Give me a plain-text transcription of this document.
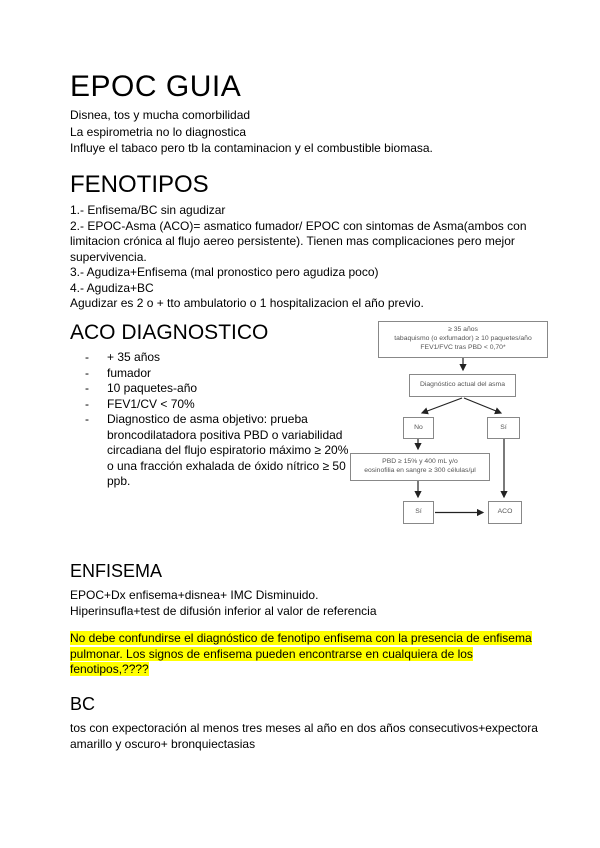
EPOC GUIA
Disnea, tos y mucha comorbilidad
La espirometria no lo diagnostica
Influye el tabaco pero tb la contaminacion y el combustible biomasa.
FENOTIPOS
1.- Enfisema/BC sin agudizar
2.- EPOC-Asma (ACO)= asmatico fumador/ EPOC con sintomas de Asma(ambos con limitacion crónica al flujo aereo persistente). Tienen mas complicaciones pero mejor supervivencia.
3.- Agudiza+Enfisema (mal pronostico pero agudiza poco)
4.- Agudiza+BC
Agudizar es 2 o + tto ambulatorio o 1 hospitalizacion el año previo.
ACO DIAGNOSTICO
- + 35 años
- fumador
- 10 paquetes-año
- FEV1/CV < 70%
- Diagnostico de asma objetivo: prueba broncodilatadora positiva PBD o variabilidad circadiana del flujo espiratorio máximo ≥ 20% o una fracción exhalada de óxido nítrico ≥ 50 ppb.
≥ 35 años
tabaquismo (o exfumador) ≥ 10 paquetes/año
FEV1/FVC tras PBD < 0,70*
Diagnóstico actual del asma
No	Sí
PBD ≥ 15% y 400 mL y/o
eosinofilia en sangre ≥ 300 células/μl
Sí	ACO
ENFISEMA
EPOC+Dx enfisema+disnea+ IMC Disminuido.
Hiperinsufla+test de difusión inferior al valor de referencia
No debe confundirse el diagnóstico de fenotipo enfisema con la presencia de enfisema pulmonar. Los signos de enfisema pueden encontrarse en cualquiera de los fenotipos,????
BC
tos con expectoración al menos tres meses al año en dos años consecutivos+expectora amarillo y oscuro+ bronquiectasias
